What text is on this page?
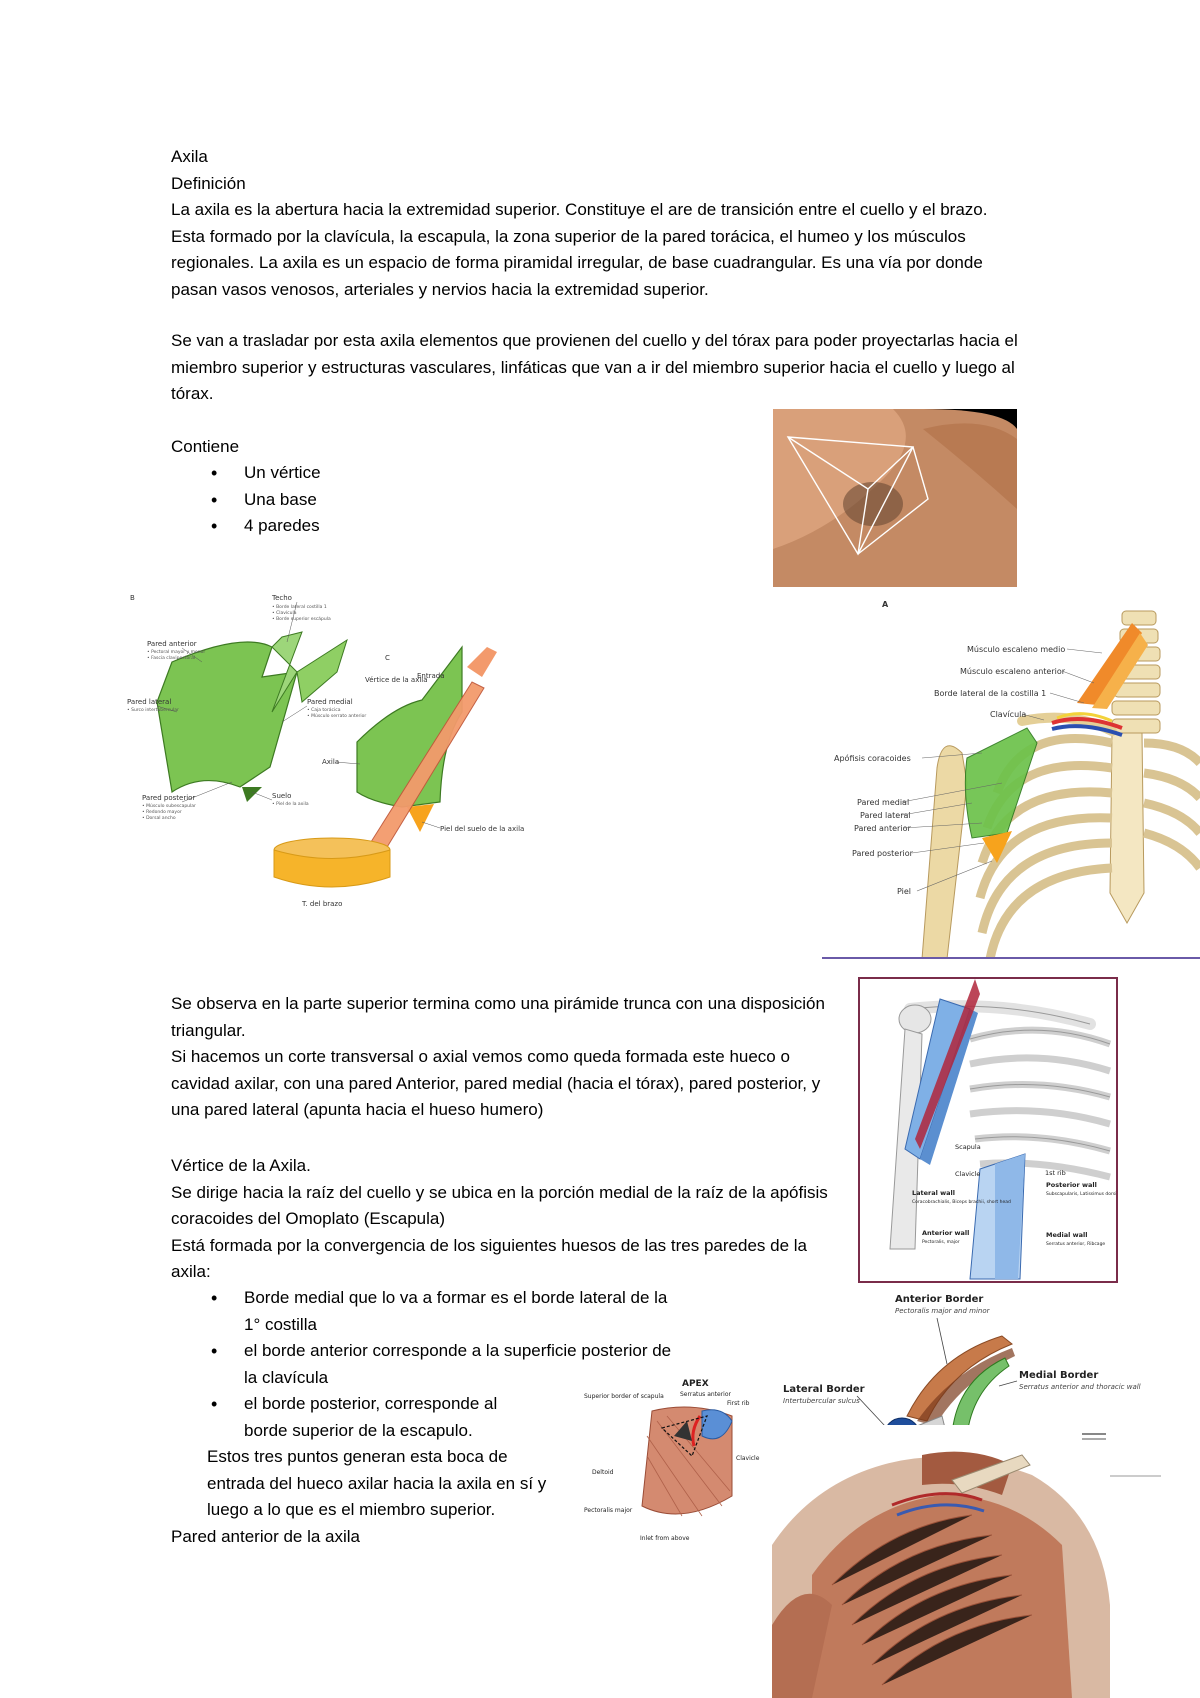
Axila

Definición

La axila es la abertura hacia la extremidad superior. Constituye el are de transición entre el cuello y el brazo. Esta formado por la clavícula, la escapula, la zona superior de la pared torácica, el humeo y los músculos regionales. La axila es un espacio de forma piramidal irregular, de base cuadrangular. Es una vía por donde pasan vasos venosos, arteriales y nervios hacia la extremidad superior.

Se van a trasladar por esta axila elementos que provienen del cuello y del tórax para poder proyectarlas hacia el miembro superior y estructuras vasculares, linfáticas que van a ir del miembro superior hacia el cuello y luego al tórax.
Contiene
• Un vértice
• Una base
• 4 paredes

Se observa en la parte superior termina como una pirámide trunca con una disposición triangular.

Si hacemos un corte transversal o axial vemos como queda formada este hueco o cavidad axilar, con una pared Anterior, pared medial (hacia el tórax), pared posterior, y una pared lateral (apunta hacia el hueso humero)

Vértice de la Axila.

Se dirige hacia la raíz del cuello y se ubica en la porción medial de la raíz de la apófisis coracoides del Omoplato (Escapula)

Está formada por la convergencia de los siguientes huesos de las tres paredes de la axila:

• Borde medial que lo va a formar es el borde lateral de la 1° costilla
• el borde anterior corresponde a la superficie posterior de la clavícula
• el borde posterior, corresponde al borde superior de la escapulo.
Estos tres puntos generan esta boca de entrada del hueco axilar hacia la axila en sí y luego a lo que es el miembro superior.
Pared anterior de la axila
B
C
Techo
Pared anterior
Pared lateral	Pared medial
Pared posterior	Suelo
Entrada
Vértice de la axila
Axila
Piel del suelo de la axila
T. del brazo
• Borde lateral costilla 1
• Clavícula
• Borde superior escápula
• Pectoral mayor y menor
• Fascia clavipectoral
• Surco intertubercular	• Caja torácica
• Músculo serrato anterior
• Músculo subescapular
• Redondo mayor
• Dorsal ancho
• Piel de la axila
A
Músculo escaleno medio
Músculo escaleno anterior
Borde lateral de la costilla 1
Clavícula
Apófisis coracoides
Pared medial
Pared lateral
Pared anterior
Pared posterior
Piel
Scapula
Clavicle	1st rib
Lateral wall
Coracobrachialis, Biceps brachii, short head
Posterior wall
Subscapularis, Latissimus dorsi
Anterior wall
Pectoralis, major
Medial wall
Serratus anterior, Ribcage
Anterior Border
Medial Border
Lateral Border
Pectoralis major and minor
Serratus anterior and thoracic wall
Intertubercular sulcus
APEX
Superior border of scapula	Serratus anterior
First rib
Clavicle
Deltoid
Pectoralis major
Inlet from above
